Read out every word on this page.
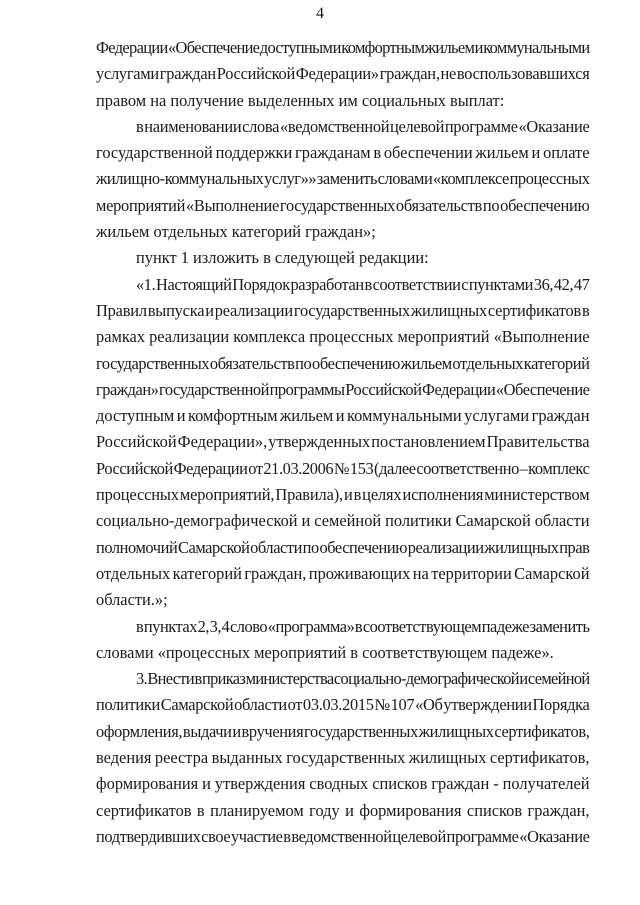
4
Федерации «Обеспечение доступным и комфортным жильем и коммунальными
услугами граждан Российской Федерации» граждан, не воспользовавшихся
правом на получение выделенных им социальных выплат:
в наименовании слова «ведомственной целевой программе «Оказание
государственной поддержки гражданам в обеспечении жильем и оплате
жилищно-коммунальных услуг»» заменить словами «комплексе процессных
мероприятий «Выполнение государственных обязательств по обеспечению
жильем отдельных категорий граждан»;
пункт 1 изложить в следующей редакции:
«1. Настоящий Порядок разработан в соответствии с пунктами 36, 42, 47
Правил выпуска и реализации государственных жилищных сертификатов в
рамках реализации комплекса процессных мероприятий «Выполнение
государственных обязательств по обеспечению жильем отдельных категорий
граждан» государственной программы Российской Федерации «Обеспечение
доступным и комфортным жильем и коммунальными услугами граждан
Российской Федерации», утвержденных постановлением Правительства
Российской Федерации от 21.03.2006 № 153 (далее соответственно – комплекс
процессных мероприятий, Правила), и в целях исполнения министерством
социально-демографической и семейной политики Самарской области
полномочий Самарской области по обеспечению реализации жилищных прав
отдельных категорий граждан, проживающих на территории Самарской
области.»;
в пунктах 2, 3, 4 слово «программа» в соответствующем падеже заменить
словами «процессных мероприятий в соответствующем падеже».
3. Внести в приказ министерства социально-демографической и семейной
политики Самарской области от 03.03.2015 № 107 «Об утверждении Порядка
оформления, выдачи и вручения государственных жилищных сертификатов,
ведения реестра выданных государственных жилищных сертификатов,
формирования и утверждения сводных списков граждан - получателей
сертификатов в планируемом году и формирования списков граждан,
подтвердивших свое участие в ведомственной целевой программе «Оказание
